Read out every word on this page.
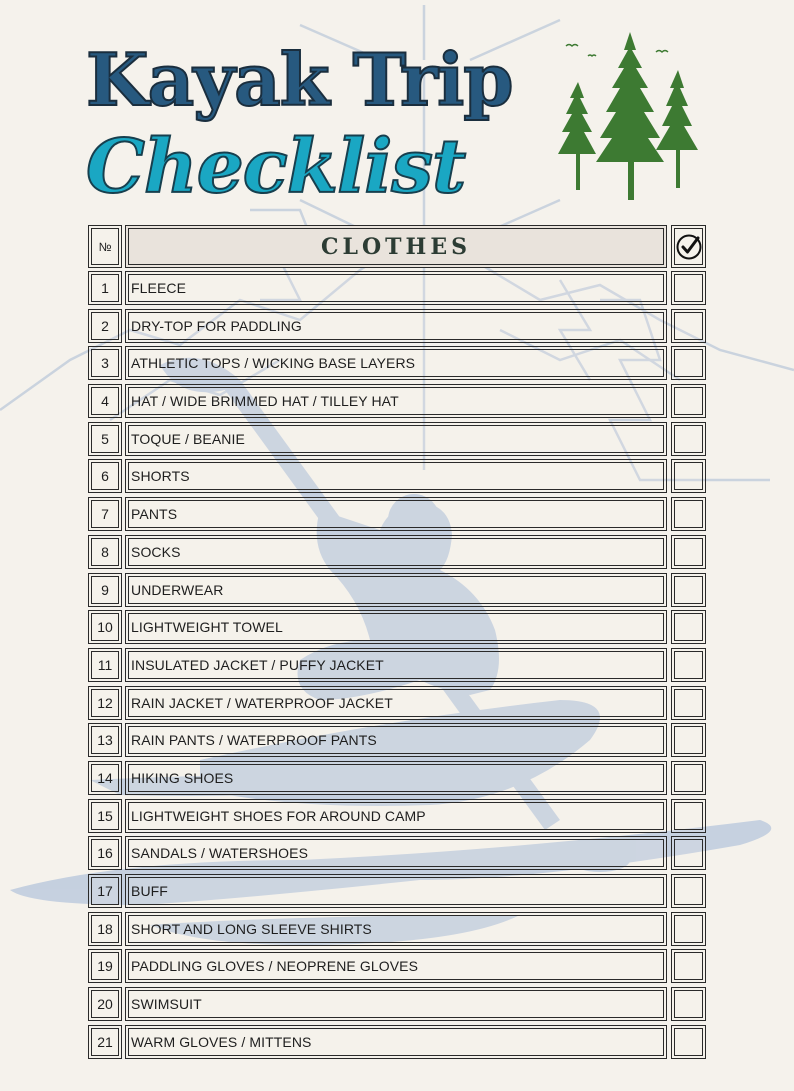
Kayak Trip
Checklist
№	CLOTHES
1	FLEECE
2	DRY-TOP FOR PADDLING
3	ATHLETIC TOPS / WICKING BASE LAYERS
4	HAT / WIDE BRIMMED HAT / TILLEY HAT
5	TOQUE / BEANIE
6	SHORTS
7	PANTS
8	SOCKS
9	UNDERWEAR
10	LIGHTWEIGHT TOWEL
11	INSULATED JACKET / PUFFY JACKET
12	RAIN JACKET / WATERPROOF JACKET
13	RAIN PANTS / WATERPROOF PANTS
14	HIKING SHOES
15	LIGHTWEIGHT SHOES FOR AROUND CAMP
16	SANDALS / WATERSHOES
17	BUFF
18	SHORT AND LONG SLEEVE SHIRTS
19	PADDLING GLOVES / NEOPRENE GLOVES
20	SWIMSUIT
21	WARM GLOVES / MITTENS
